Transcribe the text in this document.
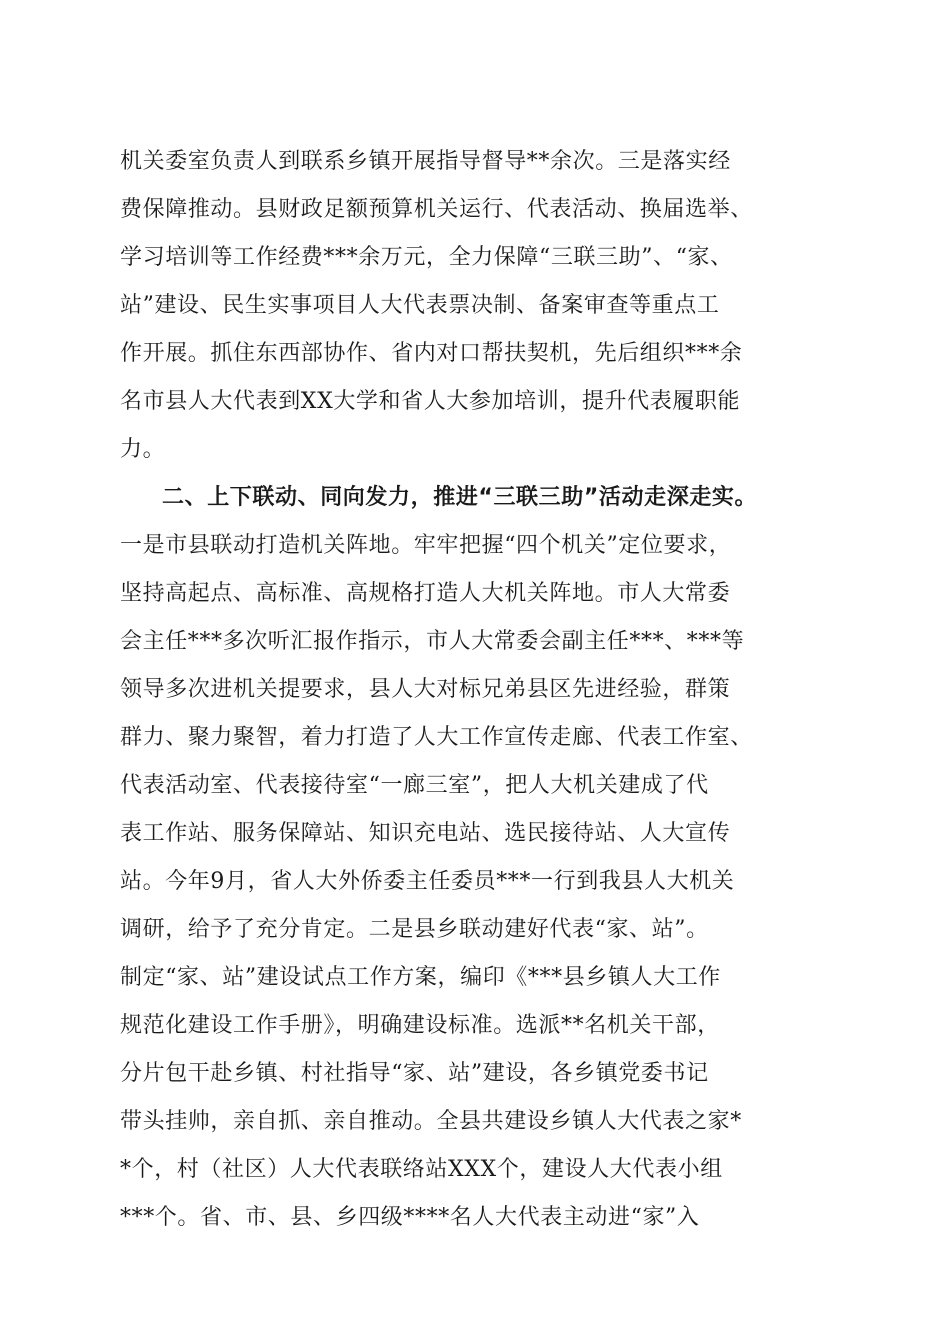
机关委室负责人到联系乡镇开展指导督导**余次。三是落实经
费保障推动。县财政足额预算机关运行、代表活动、换届选举、
学习培训等工作经费***余万元，全力保障“三联三助”、“家、
站”建设、民生实事项目人大代表票决制、备案审查等重点工
作开展。抓住东西部协作、省内对口帮扶契机，先后组织***余
名市县人大代表到XX大学和省人大参加培训，提升代表履职能
力。
二、上下联动、同向发力，推进“三联三助”活动走深走实。
一是市县联动打造机关阵地。牢牢把握“四个机关”定位要求，
坚持高起点、高标准、高规格打造人大机关阵地。市人大常委
会主任***多次听汇报作指示，市人大常委会副主任***、***等
领导多次进机关提要求，县人大对标兄弟县区先进经验，群策
群力、聚力聚智，着力打造了人大工作宣传走廊、代表工作室、
代表活动室、代表接待室“一廊三室”，把人大机关建成了代
表工作站、服务保障站、知识充电站、选民接待站、人大宣传
站。今年9月，省人大外侨委主任委员***一行到我县人大机关
调研，给予了充分肯定。二是县乡联动建好代表“家、站”。
制定“家、站”建设试点工作方案，编印《***县乡镇人大工作
规范化建设工作手册》，明确建设标准。选派**名机关干部，
分片包干赴乡镇、村社指导“家、站”建设，各乡镇党委书记
带头挂帅，亲自抓、亲自推动。全县共建设乡镇人大代表之家*
*个，村（社区）人大代表联络站XXX个，建设人大代表小组
***个。省、市、县、乡四级****名人大代表主动进“家”入
